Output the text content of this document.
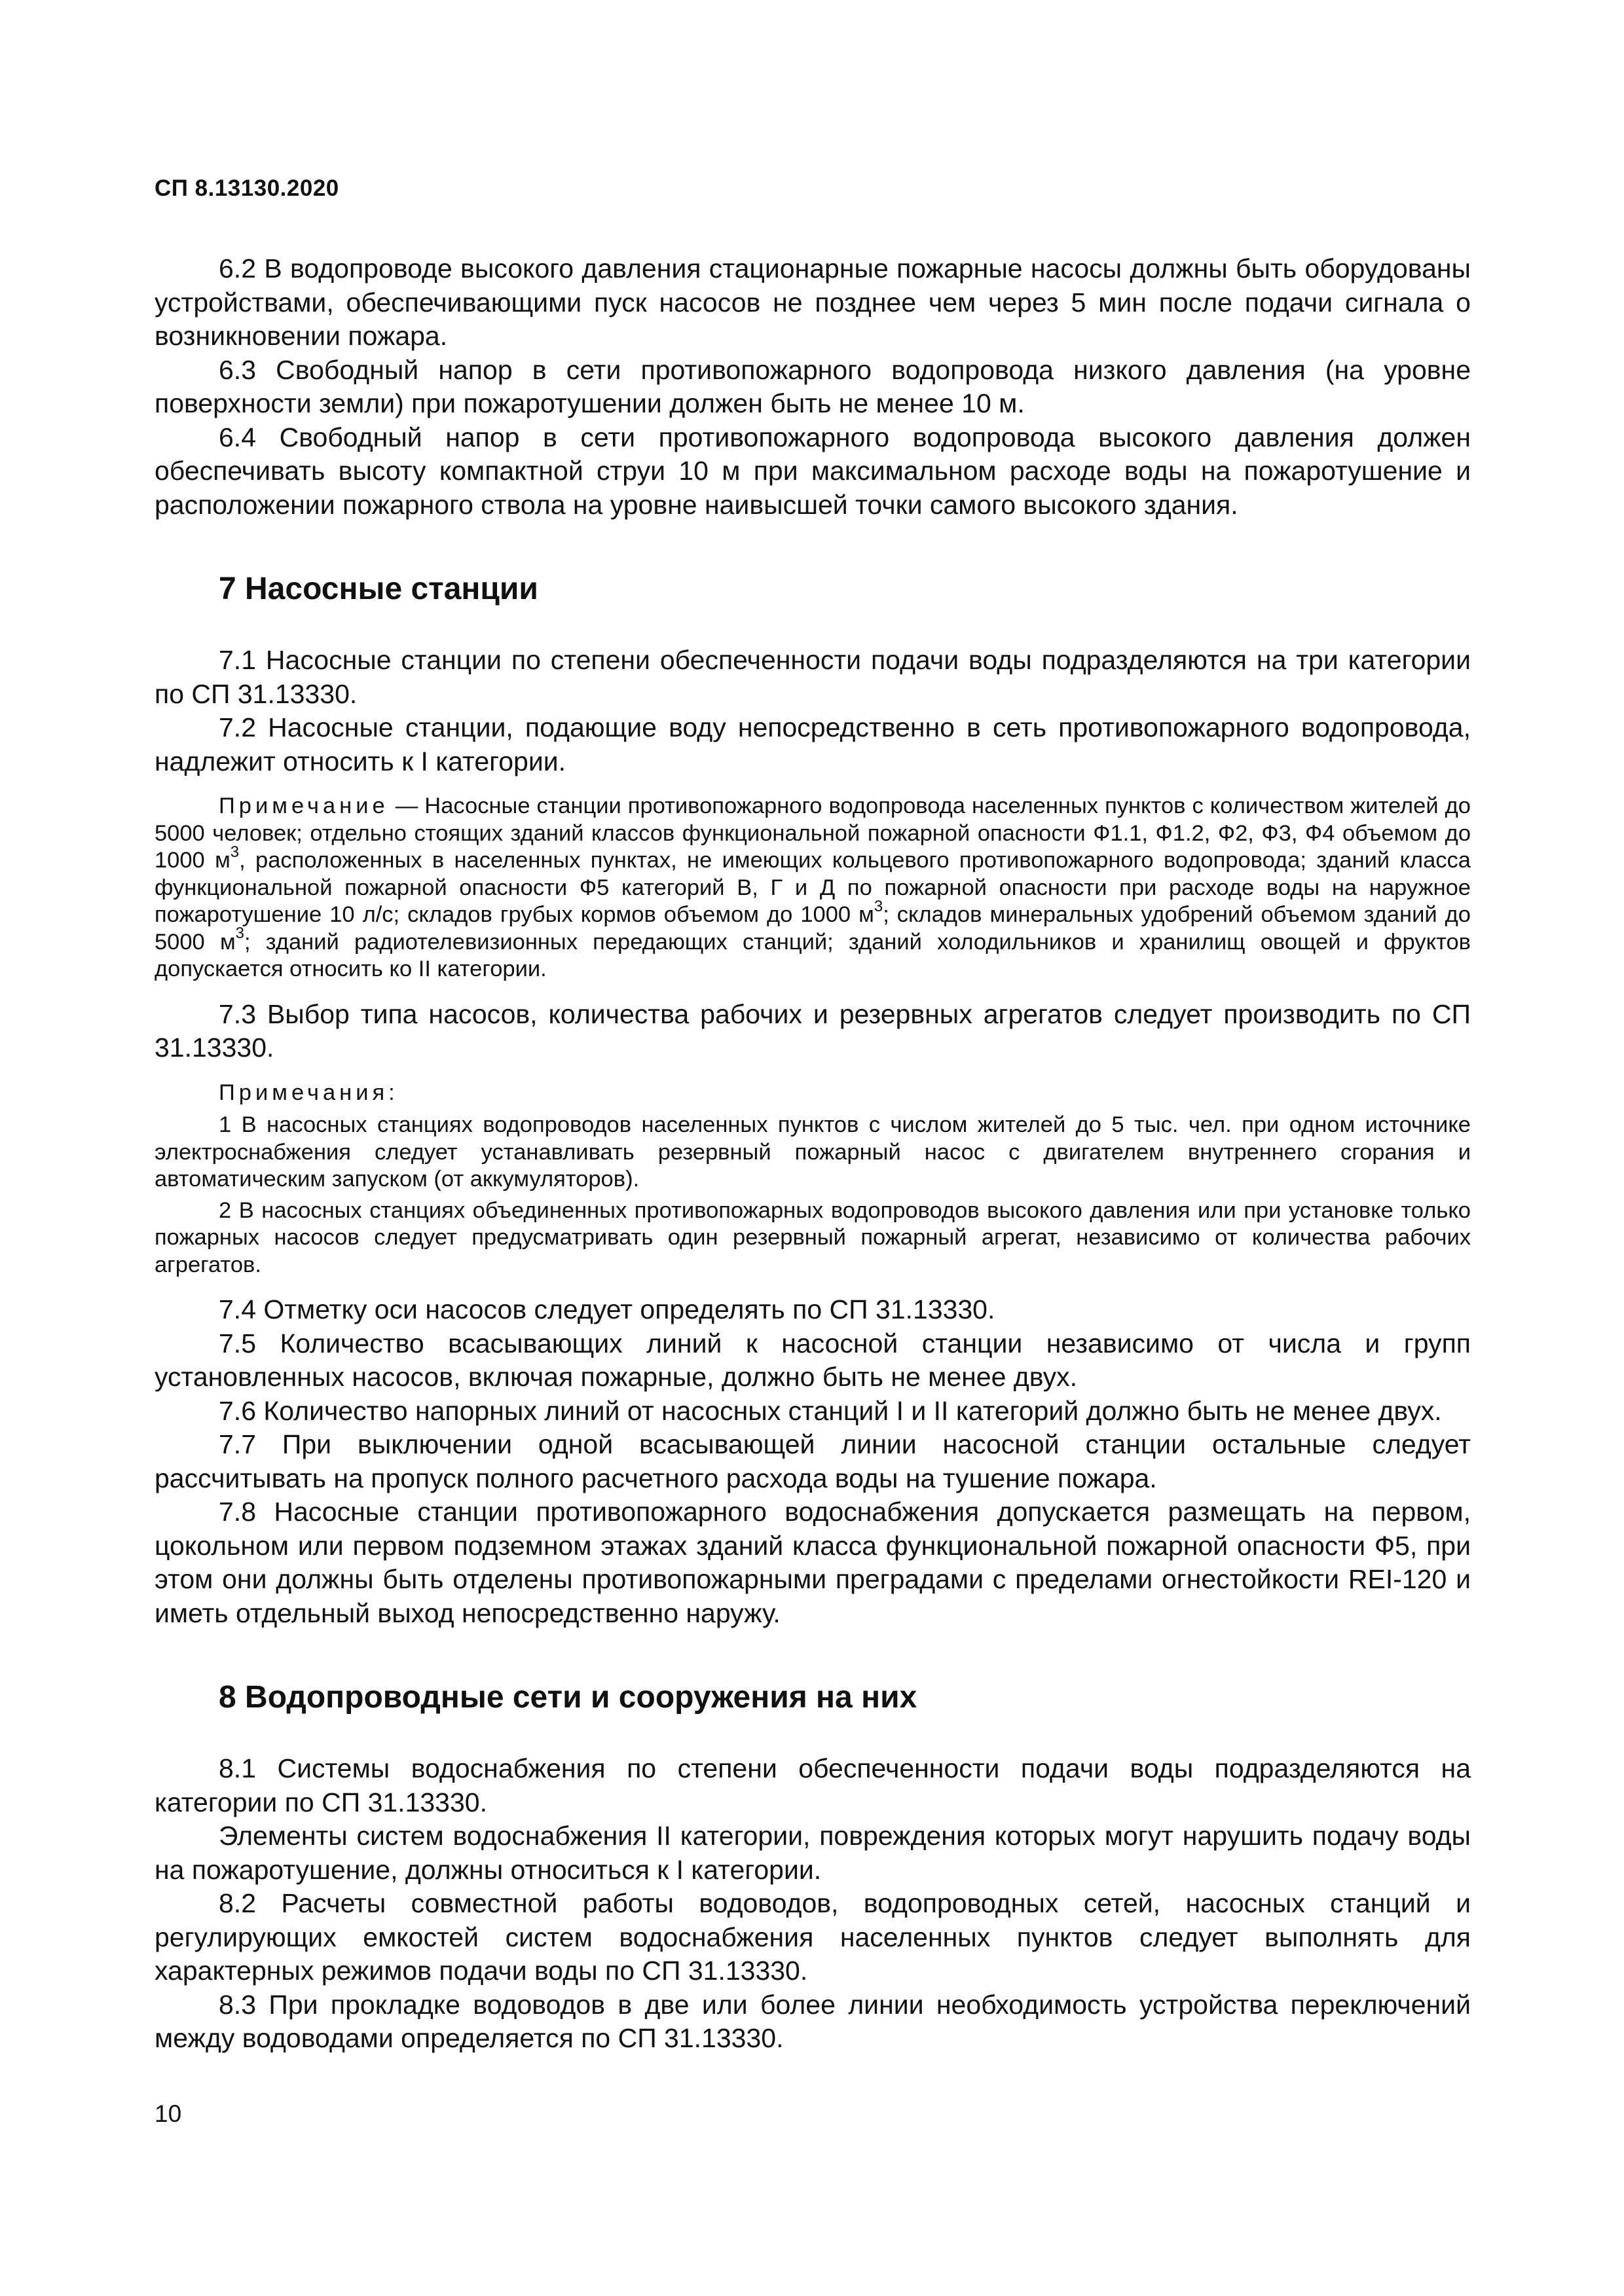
СП 8.13130.2020

6.2 В водопроводе высокого давления стационарные пожарные насосы должны быть оборудованы устройствами, обеспечивающими пуск насосов не позднее чем через 5 мин после подачи сигнала о возникновении пожара.

6.3 Свободный напор в сети противопожарного водопровода низкого давления (на уровне поверхности земли) при пожаротушении должен быть не менее 10 м.

6.4 Свободный напор в сети противопожарного водопровода высокого давления должен обеспечивать высоту компактной струи 10 м при максимальном расходе воды на пожаротушение и расположении пожарного ствола на уровне наивысшей точки самого высокого здания.

7 Насосные станции

7.1 Насосные станции по степени обеспеченности подачи воды подразделяются на три категории по СП 31.13330.

7.2 Насосные станции, подающие воду непосредственно в сеть противопожарного водопровода, надлежит относить к I категории.

Примечание — Насосные станции противопожарного водопровода населенных пунктов с количеством жителей до 5000 человек; отдельно стоящих зданий классов функциональной пожарной опасности Ф1.1, Ф1.2, Ф2, Ф3, Ф4 объемом до 1000 $м^3$, расположенных в населенных пунктах, не имеющих кольцевого противопожарного водопровода; зданий класса функциональной пожарной опасности Ф5 категорий В, Г и Д по пожарной опасности при расходе воды на наружное пожаротушение 10 л/с; складов грубых кормов объемом до 1000 $м^3$; складов минеральных удобрений объемом зданий до 5000 $м^3$; зданий радиотелевизионных передающих станций; зданий холодильников и хранилищ овощей и фруктов допускается относить ко II категории.

7.3 Выбор типа насосов, количества рабочих и резервных агрегатов следует производить по СП 31.13330.

Примечания:

1 В насосных станциях водопроводов населенных пунктов с числом жителей до 5 тыс. чел. при одном источнике электроснабжения следует устанавливать резервный пожарный насос с двигателем внутреннего сгорания и автоматическим запуском (от аккумуляторов).

2 В насосных станциях объединенных противопожарных водопроводов высокого давления или при установке только пожарных насосов следует предусматривать один резервный пожарный агрегат, независимо от количества рабочих агрегатов.

7.4 Отметку оси насосов следует определять по СП 31.13330.

7.5 Количество всасывающих линий к насосной станции независимо от числа и групп установленных насосов, включая пожарные, должно быть не менее двух.

7.6 Количество напорных линий от насосных станций I и II категорий должно быть не менее двух.

7.7 При выключении одной всасывающей линии насосной станции остальные следует рассчитывать на пропуск полного расчетного расхода воды на тушение пожара.

7.8 Насосные станции противопожарного водоснабжения допускается размещать на первом, цокольном или первом подземном этажах зданий класса функциональной пожарной опасности Ф5, при этом они должны быть отделены противопожарными преградами с пределами огнестойкости REI-120 и иметь отдельный выход непосредственно наружу.

8 Водопроводные сети и сооружения на них

8.1 Системы водоснабжения по степени обеспеченности подачи воды подразделяются на категории по СП 31.13330.

Элементы систем водоснабжения II категории, повреждения которых могут нарушить подачу воды на пожаротушение, должны относиться к I категории.

8.2 Расчеты совместной работы водоводов, водопроводных сетей, насосных станций и регулирующих емкостей систем водоснабжения населенных пунктов следует выполнять для характерных режимов подачи воды по СП 31.13330.

8.3 При прокладке водоводов в две или более линии необходимость устройства переключений между водоводами определяется по СП 31.13330.

10
